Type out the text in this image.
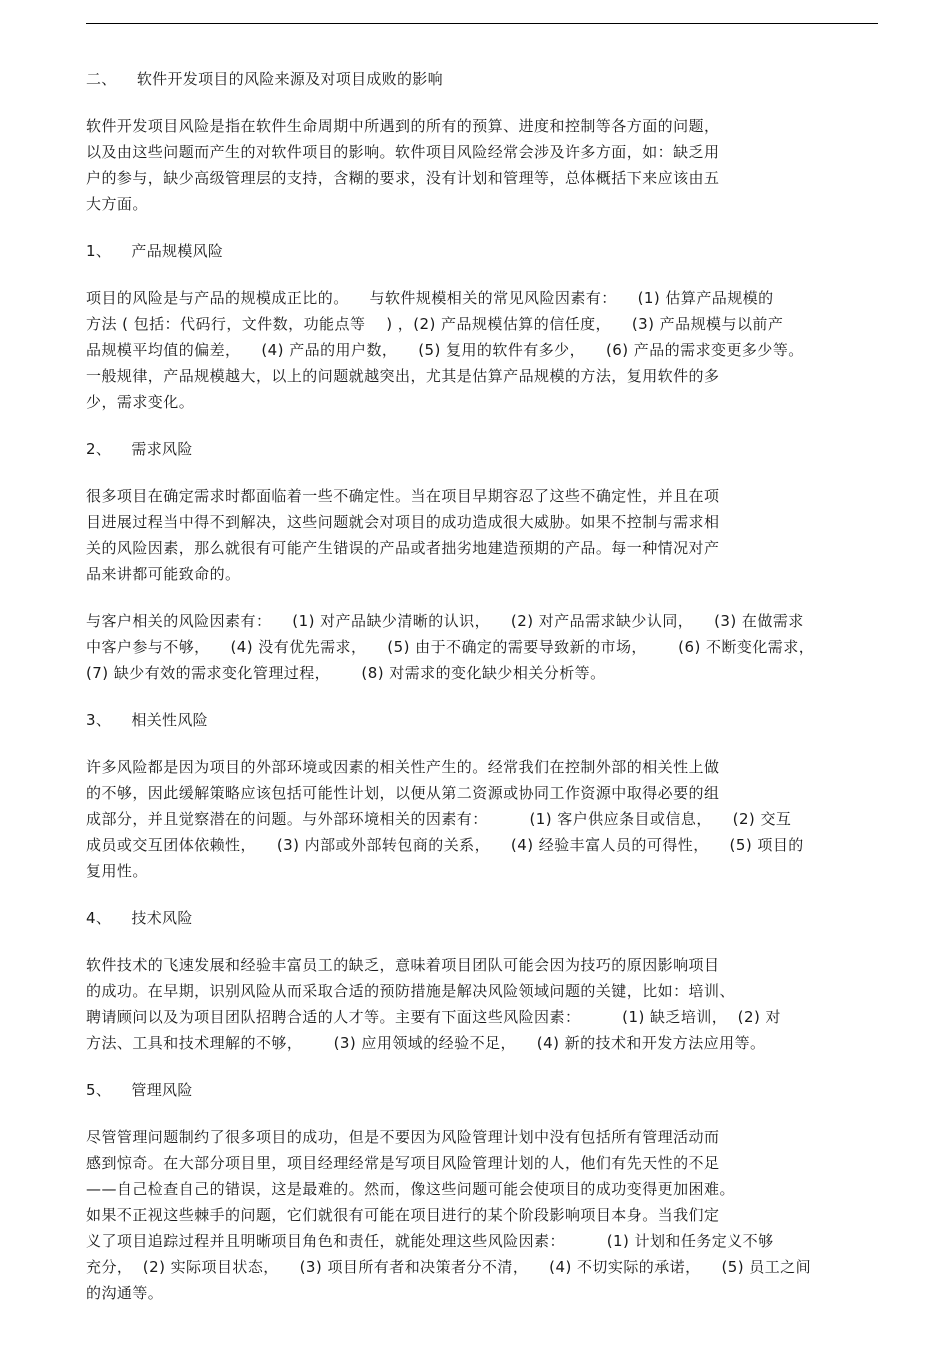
二、    软件开发项目的风险来源及对项目成败的影响
软件开发项目风险是指在软件生命周期中所遇到的所有的预算、进度和控制等各方面的问题，
以及由这些问题而产生的对软件项目的影响。软件项目风险经常会涉及许多方面，如：缺乏用
户的参与，缺少高级管理层的支持，含糊的要求，没有计划和管理等，总体概括下来应该由五
大方面。
1、    产品规模风险
项目的风险是与产品的规模成正比的。    与软件规模相关的常见风险因素有：    (1) 估算产品规模的
方法 ( 包括：代码行，文件数，功能点等    ) ，(2) 产品规模估算的信任度，    (3) 产品规模与以前产
品规模平均值的偏差，    (4) 产品的用户数，    (5) 复用的软件有多少，    (6) 产品的需求变更多少等。
一般规律，产品规模越大，以上的问题就越突出，尤其是估算产品规模的方法，复用软件的多
少，需求变化。
2、    需求风险
很多项目在确定需求时都面临着一些不确定性。当在项目早期容忍了这些不确定性，并且在项
目进展过程当中得不到解决，这些问题就会对项目的成功造成很大威胁。如果不控制与需求相
关的风险因素，那么就很有可能产生错误的产品或者拙劣地建造预期的产品。每一种情况对产
品来讲都可能致命的。
与客户相关的风险因素有：    (1) 对产品缺少清晰的认识，    (2) 对产品需求缺少认同，    (3) 在做需求
中客户参与不够，    (4) 没有优先需求，    (5) 由于不确定的需要导致新的市场，      (6) 不断变化需求，
(7) 缺少有效的需求变化管理过程，      (8) 对需求的变化缺少相关分析等。
3、    相关性风险
许多风险都是因为项目的外部环境或因素的相关性产生的。经常我们在控制外部的相关性上做
的不够，因此缓解策略应该包括可能性计划，以便从第二资源或协同工作资源中取得必要的组
成部分，并且觉察潜在的问题。与外部环境相关的因素有：        (1) 客户供应条目或信息，    (2) 交互
成员或交互团体依赖性，    (3) 内部或外部转包商的关系，    (4) 经验丰富人员的可得性，    (5) 项目的
复用性。
4、    技术风险
软件技术的飞速发展和经验丰富员工的缺乏，意味着项目团队可能会因为技巧的原因影响项目
的成功。在早期，识别风险从而采取合适的预防措施是解决风险领域问题的关键，比如：培训、
聘请顾问以及为项目团队招聘合适的人才等。主要有下面这些风险因素：        (1) 缺乏培训，  (2) 对
方法、工具和技术理解的不够，      (3) 应用领域的经验不足，    (4) 新的技术和开发方法应用等。
5、    管理风险
尽管管理问题制约了很多项目的成功，但是不要因为风险管理计划中没有包括所有管理活动而
感到惊奇。在大部分项目里，项目经理经常是写项目风险管理计划的人，他们有先天性的不足
——自己检查自己的错误，这是最难的。然而，像这些问题可能会使项目的成功变得更加困难。
如果不正视这些棘手的问题，它们就很有可能在项目进行的某个阶段影响项目本身。当我们定
义了项目追踪过程并且明晰项目角色和责任，就能处理这些风险因素：        (1) 计划和任务定义不够
充分，  (2) 实际项目状态，    (3) 项目所有者和决策者分不清，    (4) 不切实际的承诺，    (5) 员工之间
的沟通等。
